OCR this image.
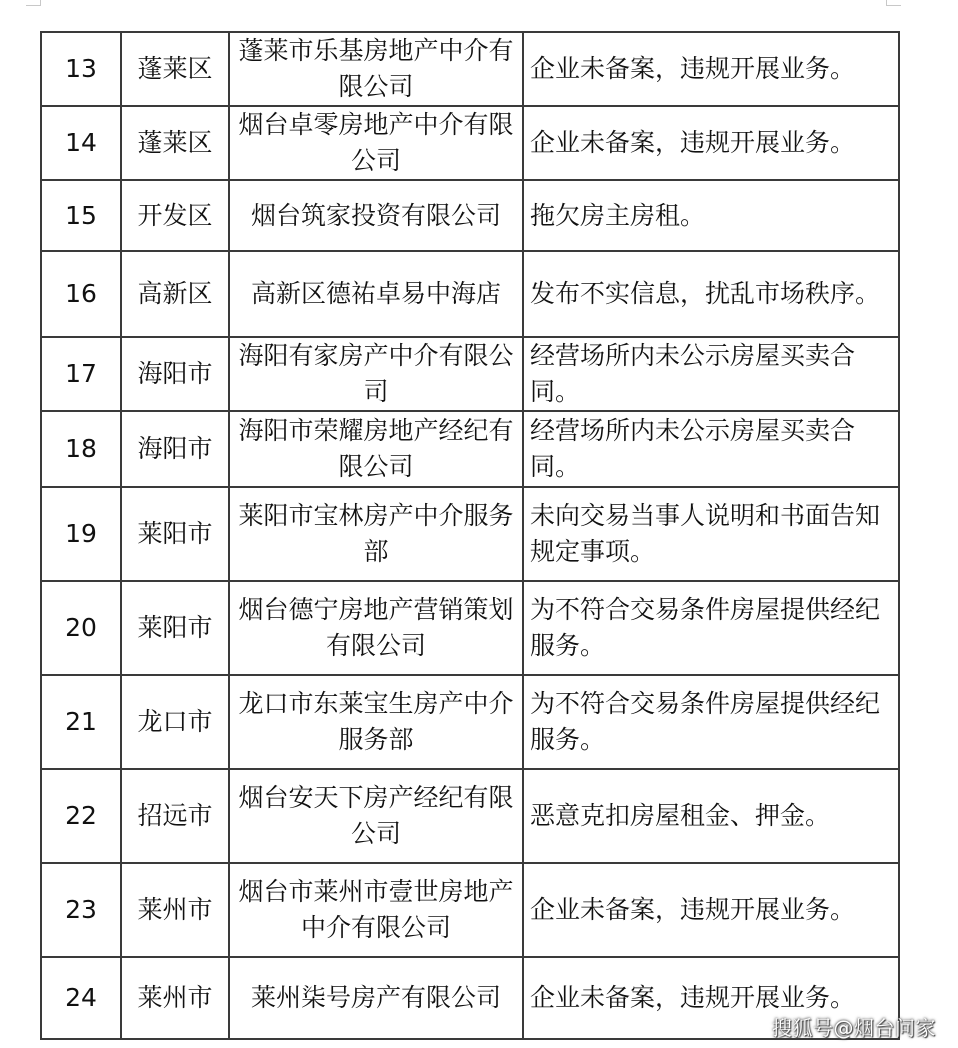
13	蓬莱区	蓬莱市乐基房地产中介有限公司	企业未备案，违规开展业务。
14	蓬莱区	烟台卓零房地产中介有限公司	企业未备案，违规开展业务。
15	开发区	烟台筑家投资有限公司	拖欠房主房租。
16	高新区	高新区德祐卓易中海店	发布不实信息，扰乱市场秩序。
17	海阳市	海阳有家房产中介有限公司	经营场所内未公示房屋买卖合同。
18	海阳市	海阳市荣耀房地产经纪有限公司	经营场所内未公示房屋买卖合同。
19	莱阳市	莱阳市宝林房产中介服务部	未向交易当事人说明和书面告知规定事项。
20	莱阳市	烟台德宁房地产营销策划有限公司	为不符合交易条件房屋提供经纪服务。
21	龙口市	龙口市东莱宝生房产中介服务部	为不符合交易条件房屋提供经纪服务。
22	招远市	烟台安天下房产经纪有限公司	恶意克扣房屋租金、押金。
23	莱州市	烟台市莱州市壹世房地产中介有限公司	企业未备案，违规开展业务。
24	莱州市	莱州柒号房产有限公司	企业未备案，违规开展业务。
搜狐号@烟台问家
